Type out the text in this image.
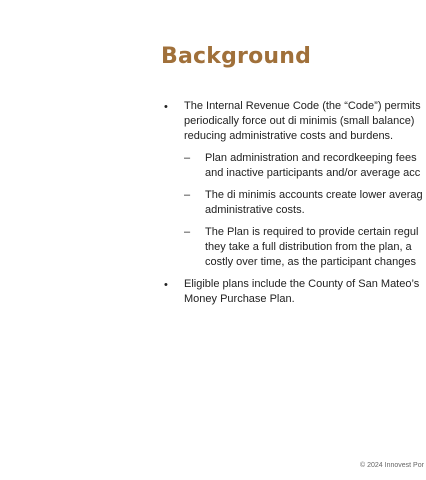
Background
• The Internal Revenue Code (the “Code”) permits
periodically force out di minimis (small balance)
reducing administrative costs and burdens.
– Plan administration and recordkeeping fees
and inactive participants and/or average acc
– The di minimis accounts create lower averag
administrative costs.
– The Plan is required to provide certain regul
they take a full distribution from the plan, a
costly over time, as the participant changes
• Eligible plans include the County of San Mateo’s
Money Purchase Plan.
© 2024 Innovest Por
